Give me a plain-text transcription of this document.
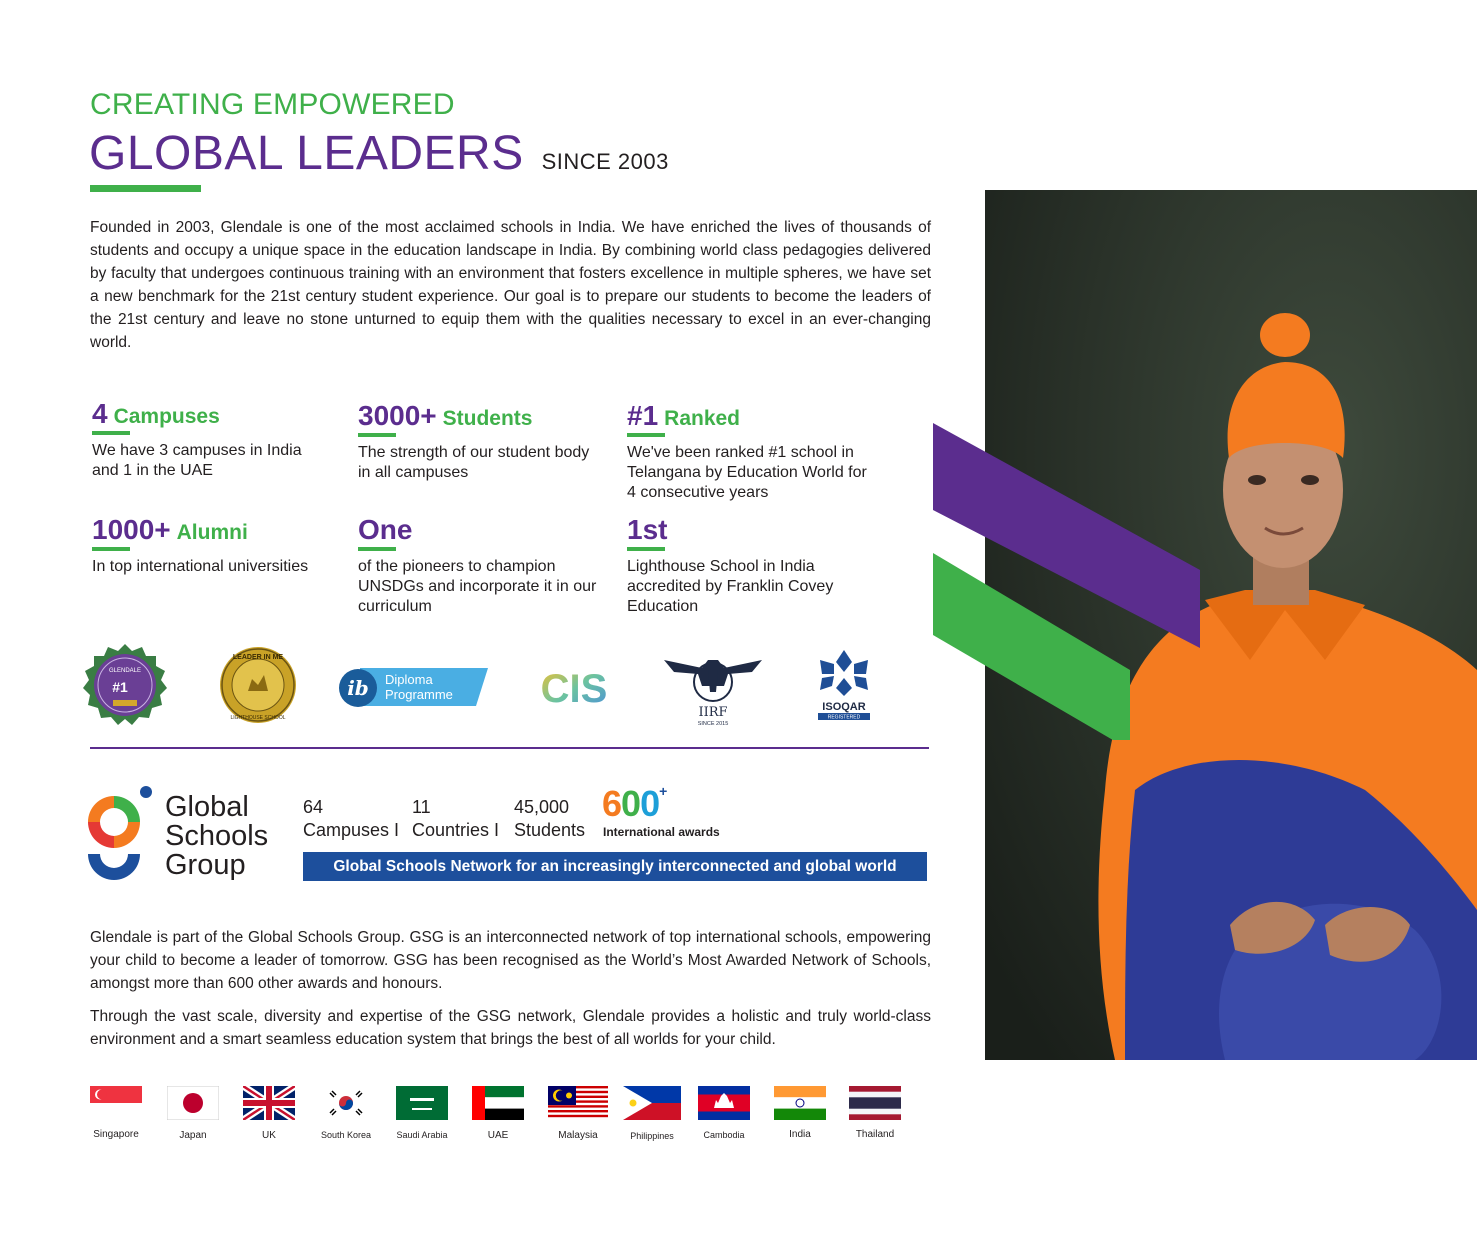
CREATING EMPOWERED
GLOBAL LEADERS SINCE 2003
Founded in 2003, Glendale is one of the most acclaimed schools in India. We have enriched the lives of thousands of students and occupy a unique space in the education landscape in India. By combining world class pedagogies delivered by faculty that undergoes continuous training with an environment that fosters excellence in multiple spheres, we have set a new benchmark for the 21st century student experience. Our goal is to prepare our students to become the leaders of the 21st century and leave no stone unturned to equip them with the qualities necessary to excel in an ever-changing world.
4 Campuses
We have 3 campuses in India and 1 in the UAE
3000+ Students
The strength of our student body in all campuses
#1 Ranked
We've been ranked #1 school in Telangana by Education World for 4 consecutive years
1000+ Alumni
In top international universities
One
of the pioneers to champion UNSDGs and incorporate it in our curriculum
1st
Lighthouse School in India accredited by Franklin Covey Education
GLENDALE
#1
LEADER IN ME
LIGHTHOUSE SCHOOL
ib Diploma
Programme CIS
IIRF
SINCE 2015
ISOQAR
REGISTERED
Global
Schools
Group
64
Campuses I
11
Countries I
45,000
Students
600+
International awards
Global Schools Network for an increasingly interconnected and global world
Glendale is part of the Global Schools Group. GSG is an interconnected network of top international schools, empowering your child to become a leader of tomorrow. GSG has been recognised as the World’s Most Awarded Network of Schools, amongst more than 600 other awards and honours.
Through the vast scale, diversity and expertise of the GSG network, Glendale provides a holistic and truly world-class environment and a smart seamless education system that brings the best of all worlds for your child.
Singapore	Japan	UK	South Korea	Saudi Arabia	UAE	Malaysia	Philippines	Cambodia	India	Thailand
